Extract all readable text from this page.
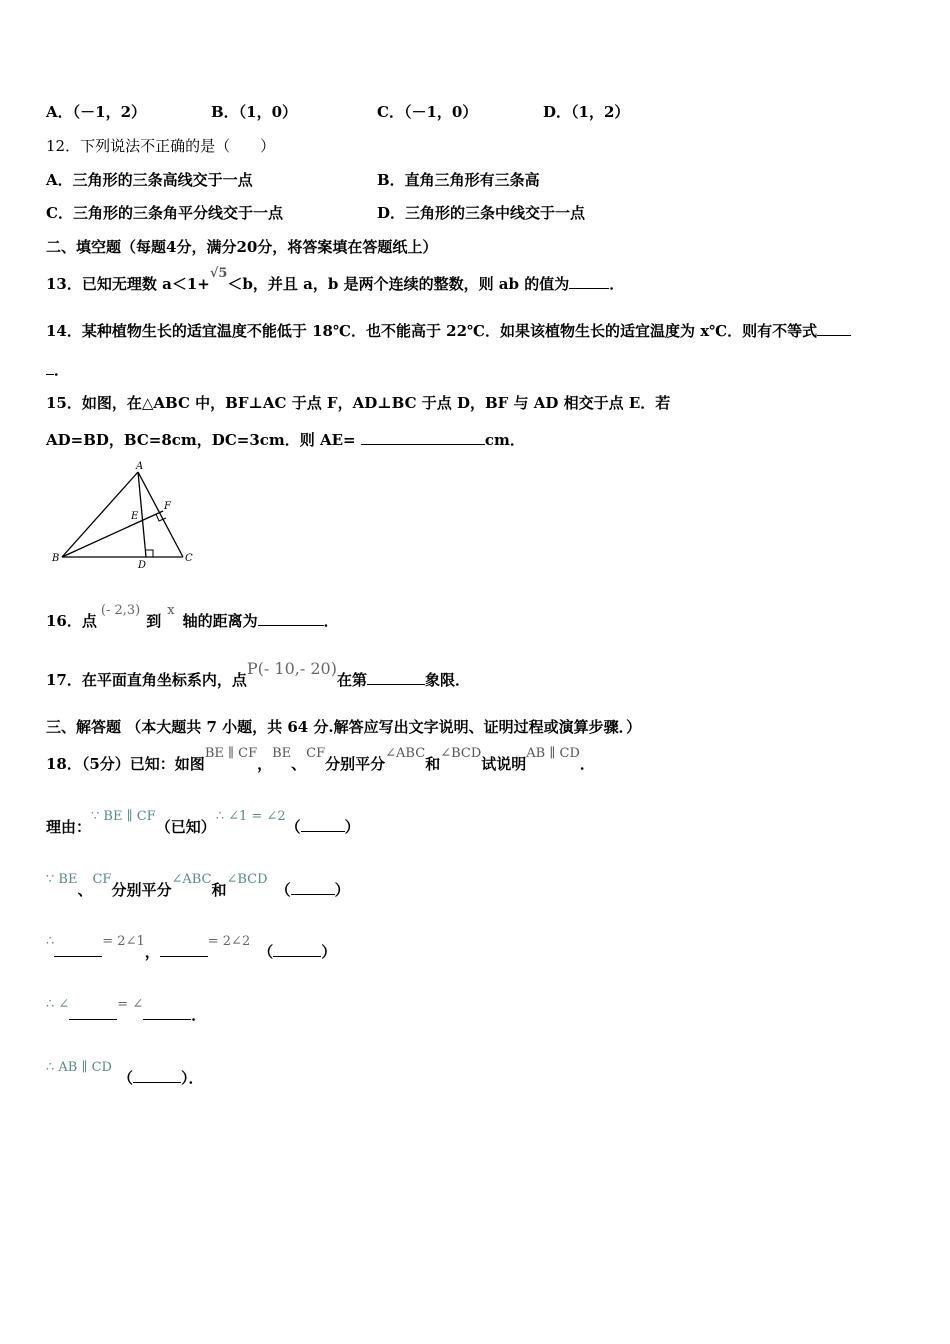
A．（－1，2）	B．（1，0）	C．（－1，0）	D．（1，2）
12．下列说法不正确的是（　　）
A．三角形的三条高线交于一点	B．直角三角形有三条高
C．三角形的三条角平分线交于一点	D．三角形的三条中线交于一点
二、填空题（每题4分，满分20分，将答案填在答题纸上）
13．已知无理数 a＜1+√5＜b，并且 a，b 是两个连续的整数，则 ab 的值为	．
14．某种植物生长的适宜温度不能低于 18℃．也不能高于 22℃．如果该植物生长的适宜温度为 x℃．则有不等式
．
15．如图，在△ABC 中，BF⊥AC 于点 F，AD⊥BC 于点 D，BF 与 AD 相交于点 E．若
AD=BD，BC=8cm，DC=3cm．则 AE=	cm．
A
B	C
D
E
F
16．点(- 2,3)到x轴的距离为	．
17．在平面直角坐标系内，点P(- 10,- 20)在第	象限．
三、解答题 （本大题共 7 小题，共 64 分.解答应写出文字说明、证明过程或演算步骤．）
18．（5分）已知：如图BE ∥ CF，BE、CF分别平分∠ABC和∠BCD试说明AB ∥ CD．
理由：∵ BE ∥ CF（已知）∴ ∠1 = ∠2（	）
∵ BE、CF分别平分∠ABC和∠BCD（	）
∴	= 2∠1，= 2∠2（	）
∴ ∠	= ∠．
∴ AB ∥ CD（	）．
